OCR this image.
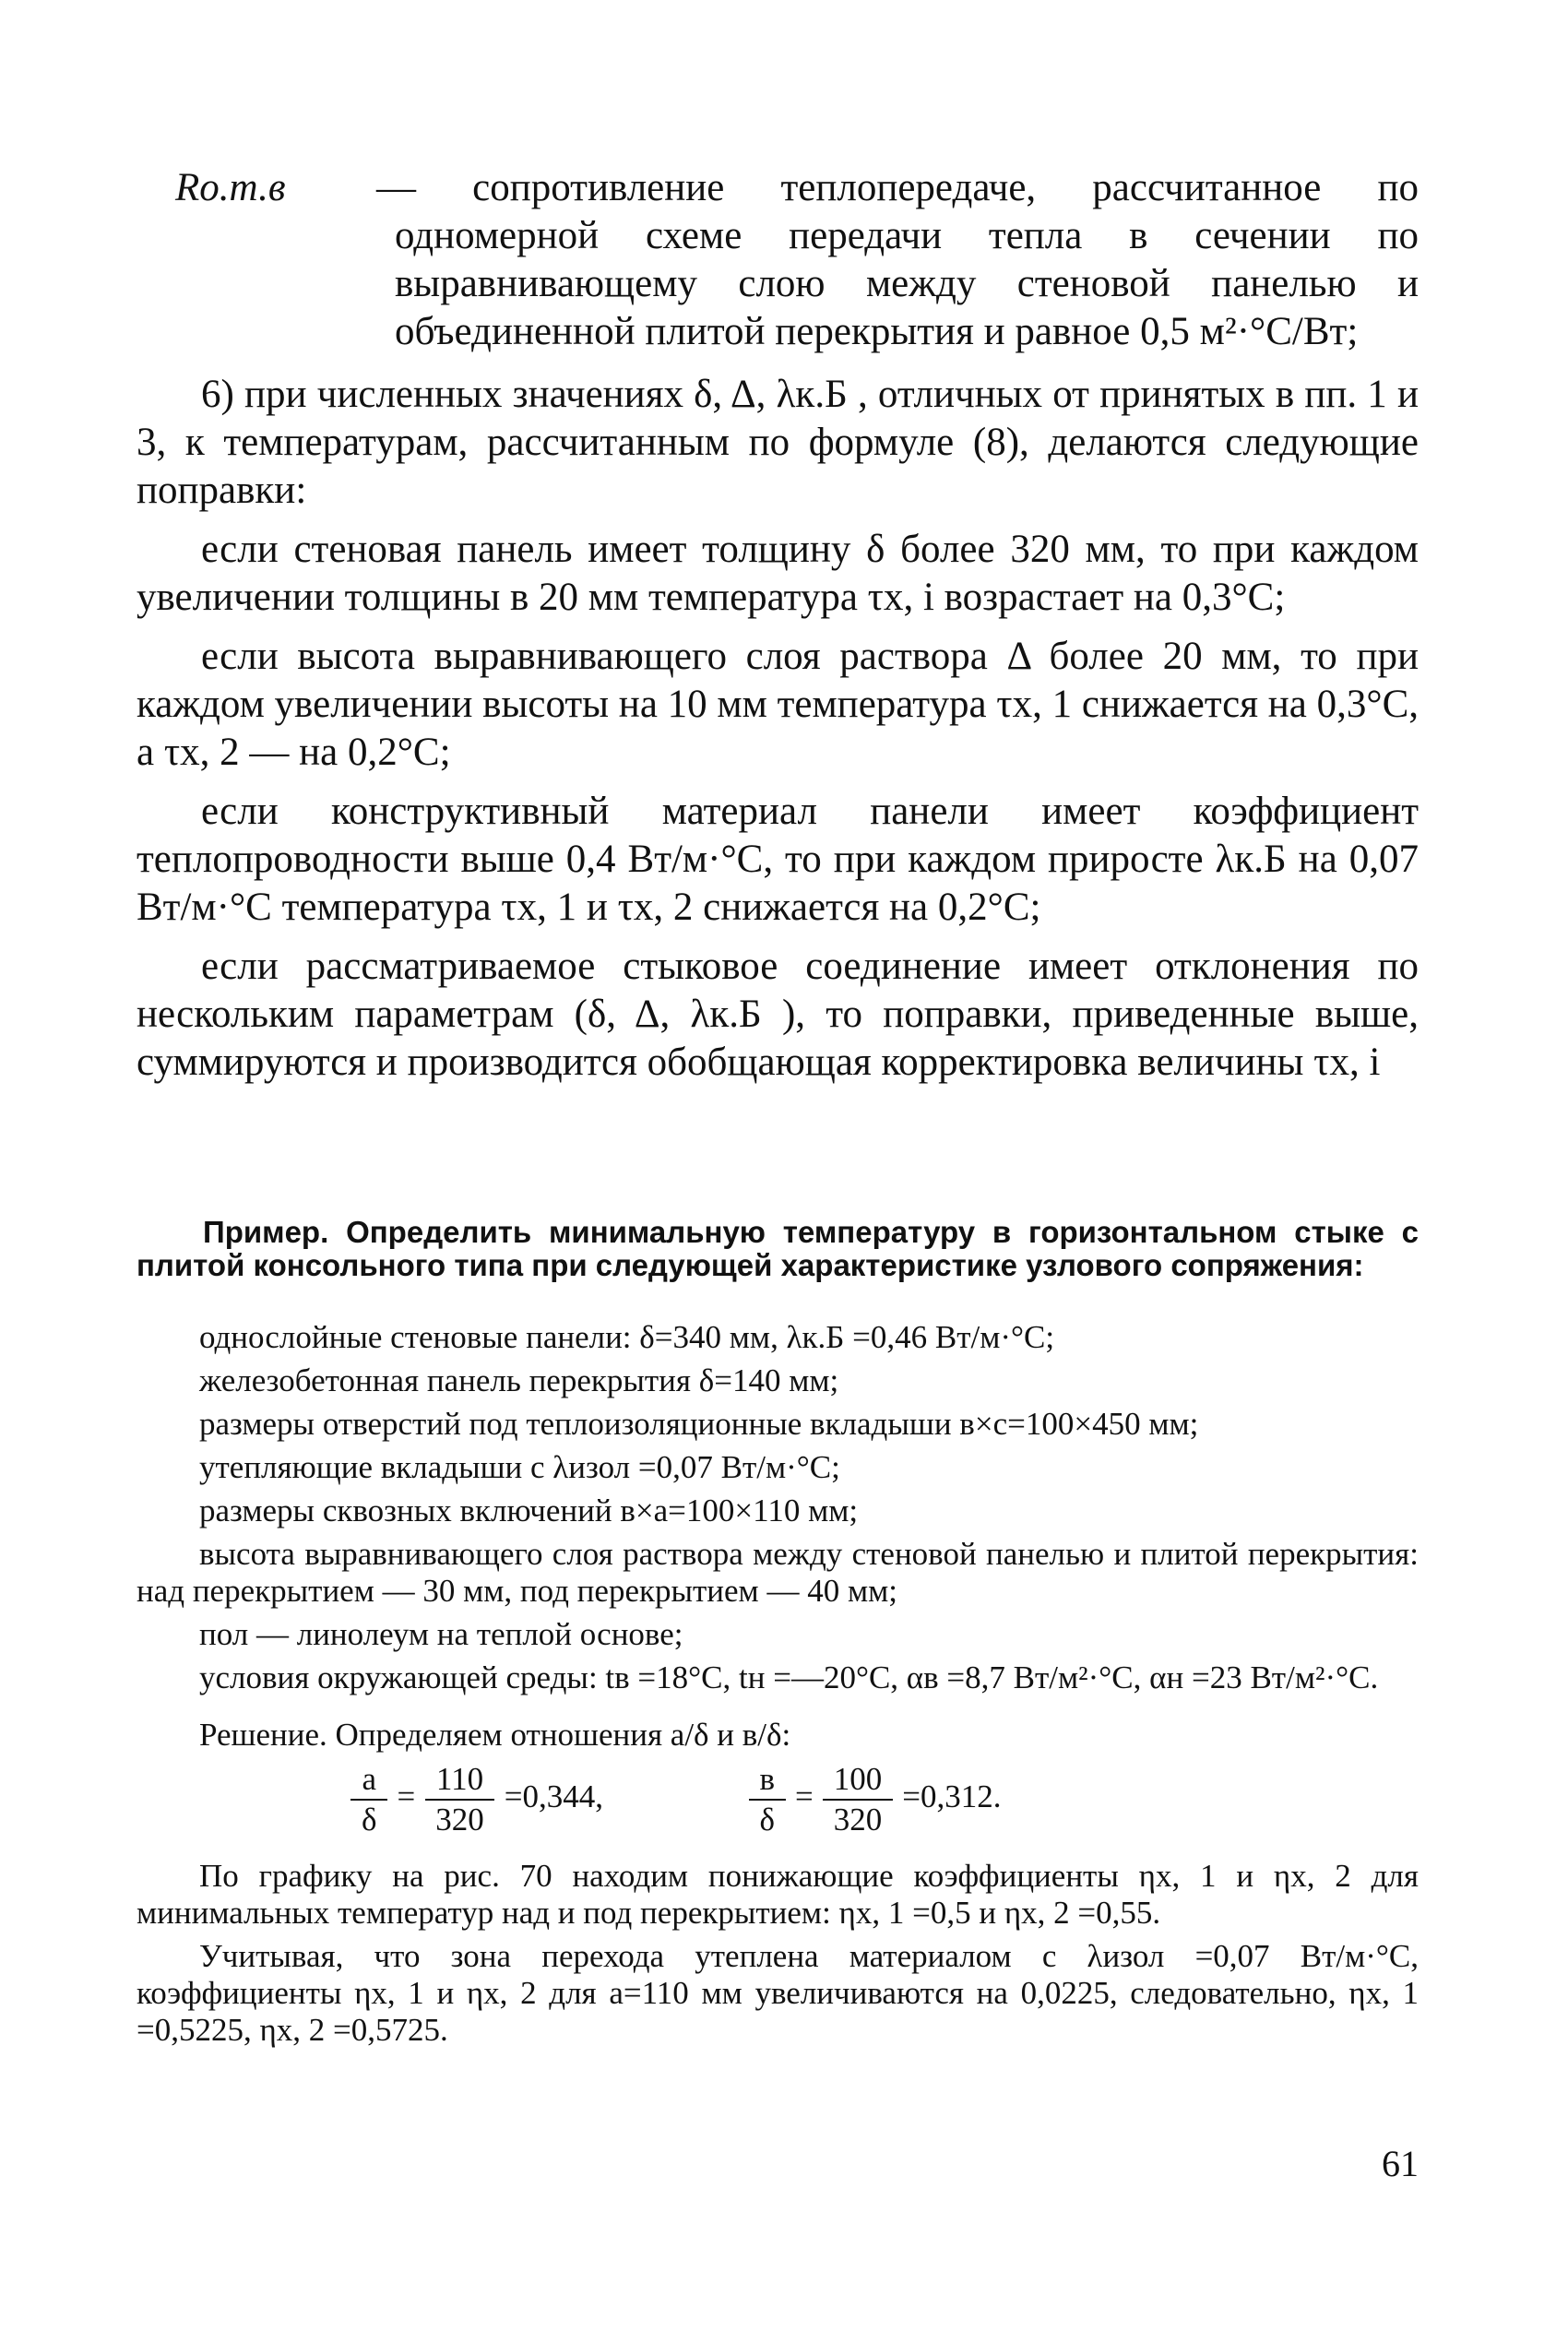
Rо.т.в	— сопротивление теплопередаче, рассчитанное по одномерной схеме передачи тепла в сечении по выравнивающему слою между стеновой панелью и объединенной плитой перекрытия и равное 0,5 м²·°С/Вт;

6) при численных значениях δ, Δ, λк.Б , отличных от принятых в пп. 1 и 3, к температурам, рассчитанным по формуле (8), делаются следующие поправки:

если стеновая панель имеет толщину δ более 320 мм, то при каждом увеличении толщины в 20 мм температура τх, i возрастает на 0,3°С;

если высота выравнивающего слоя раствора Δ более 20 мм, то при каждом увеличении высоты на 10 мм температура τх, 1 снижается на 0,3°С, а τх, 2 — на 0,2°С;

если конструктивный материал панели имеет коэффициент теплопроводности выше 0,4 Вт/м·°С, то при каждом приросте λк.Б на 0,07 Вт/м·°С температура τх, 1 и τх, 2 снижается на 0,2°С;

если рассматриваемое стыковое соединение имеет отклонения по нескольким параметрам (δ, Δ, λк.Б ), то поправки, приведенные выше, суммируются и производится обобщающая корректировка величины τх, i

Пример. Определить минимальную температуру в горизонтальном стыке с плитой консольного типа при следующей характеристике узлового сопряжения:

однослойные стеновые панели: δ=340 мм, λк.Б =0,46 Вт/м·°С;

железобетонная панель перекрытия δ=140 мм;

размеры отверстий под теплоизоляционные вкладыши в×с=100×450 мм;

утепляющие вкладыши с λизол =0,07 Вт/м·°С;

размеры сквозных включений в×а=100×110 мм;

высота выравнивающего слоя раствора между стеновой панелью и плитой перекрытия: над перекрытием — 30 мм, под перекрытием — 40 мм;

пол — линолеум на теплой основе;

условия окружающей среды: tв =18°С, tн =—20°С, αв =8,7 Вт/м²·°С, αн =23 Вт/м²·°С.

Решение. Определяем отношения а/δ и в/δ:

$\frac{а}{\delta} = \frac{110}{320} =0,344$,	$\frac{в}{\delta} = \frac{100}{320} =0,312$.

По графику на рис. 70 находим понижающие коэффициенты ηх, 1 и ηх, 2 для минимальных температур над и под перекрытием: ηх, 1 =0,5 и ηх, 2 =0,55.

Учитывая, что зона перехода утеплена материалом с λизол =0,07 Вт/м·°С, коэффициенты ηх, 1 и ηх, 2 для а=110 мм увеличиваются на 0,0225, следовательно, ηх, 1 =0,5225, ηх, 2 =0,5725.

61
